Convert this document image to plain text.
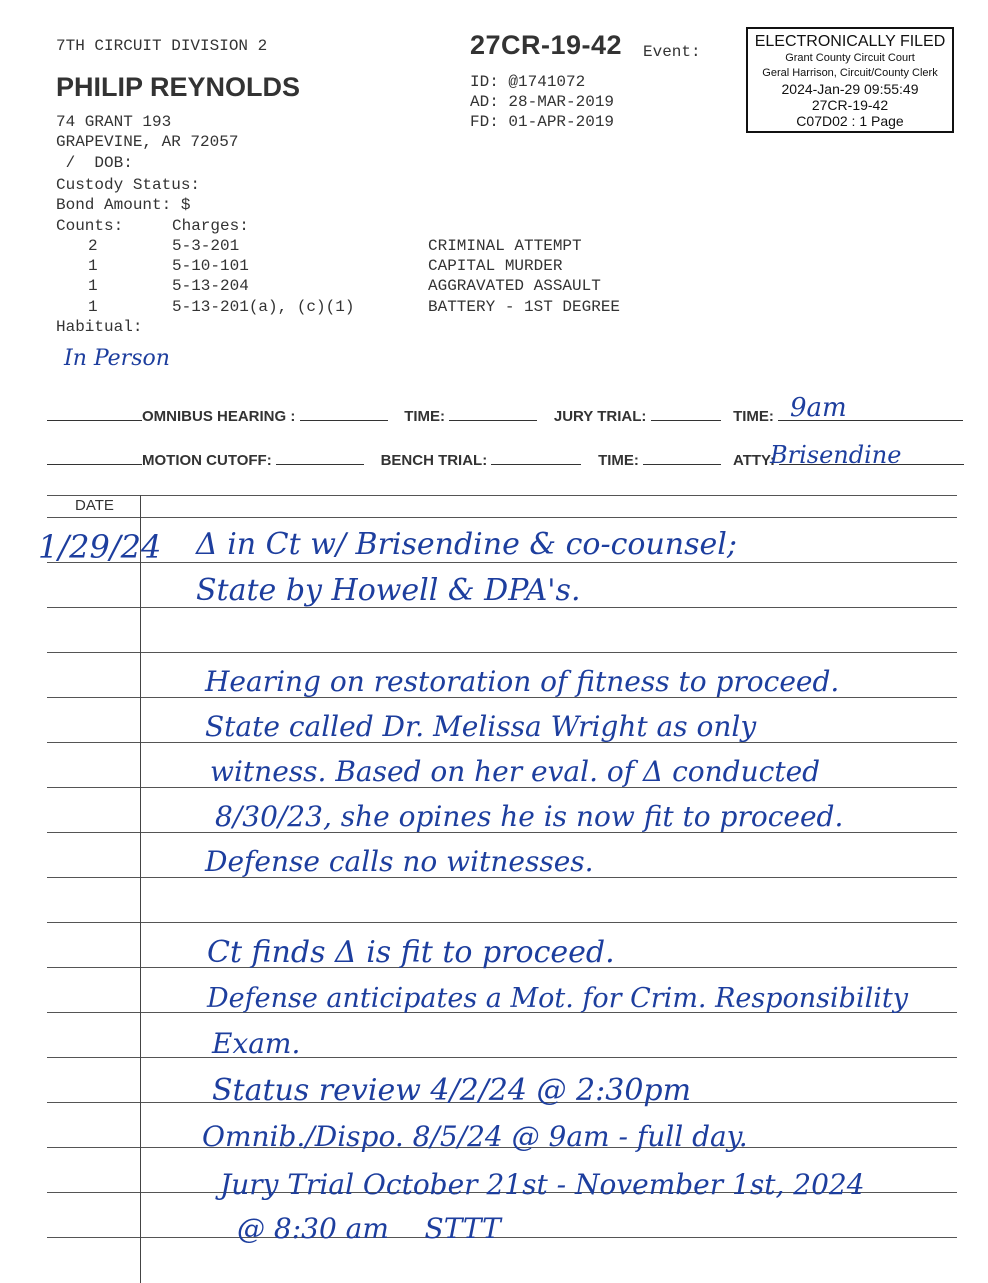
7TH CIRCUIT DIVISION 2	27CR-19-42 Event:
PHILIP REYNOLDS	ID: @1741072
AD: 28-MAR-2019
FD: 01-APR-2019
74 GRANT 193
GRAPEVINE, AR 72057
/  DOB:
Custody Status:
Bond Amount: $
Counts:	Charges:
2	5-3-201	CRIMINAL ATTEMPT
1	5-10-101	CAPITAL MURDER
1	5-13-204	AGGRAVATED ASSAULT
1	5-13-201(a), (c)(1)	BATTERY - 1ST DEGREE
Habitual:
In Person
ELECTRONICALLY FILED
Grant County Circuit Court
Geral Harrison, Circuit/County Clerk
2024-Jan-29 09:55:49
27CR-19-42
C07D02 : 1 Page
OMNIBUS HEARING :	TIME:	JURY TRIAL:	TIME: 9am
MOTION CUTOFF:	BENCH TRIAL:	TIME:	ATTY:
Brisendine
DATE
1/29/24 Δ in Ct w/ Brisendine & co-counsel;
State by Howell & DPA's.
Hearing on restoration of fitness to proceed.
State called Dr. Melissa Wright as only
witness. Based on her eval. of Δ conducted
8/30/23, she opines he is now fit to proceed.
Defense calls no witnesses.
Ct finds Δ is fit to proceed.
Defense anticipates a Mot. for Crim. Responsibility
Exam.
Status review 4/2/24 @ 2:30pm
Omnib./Dispo. 8/5/24 @ 9am - full day.
Jury Trial October 21st - November 1st, 2024
@ 8:30 am    STTT
